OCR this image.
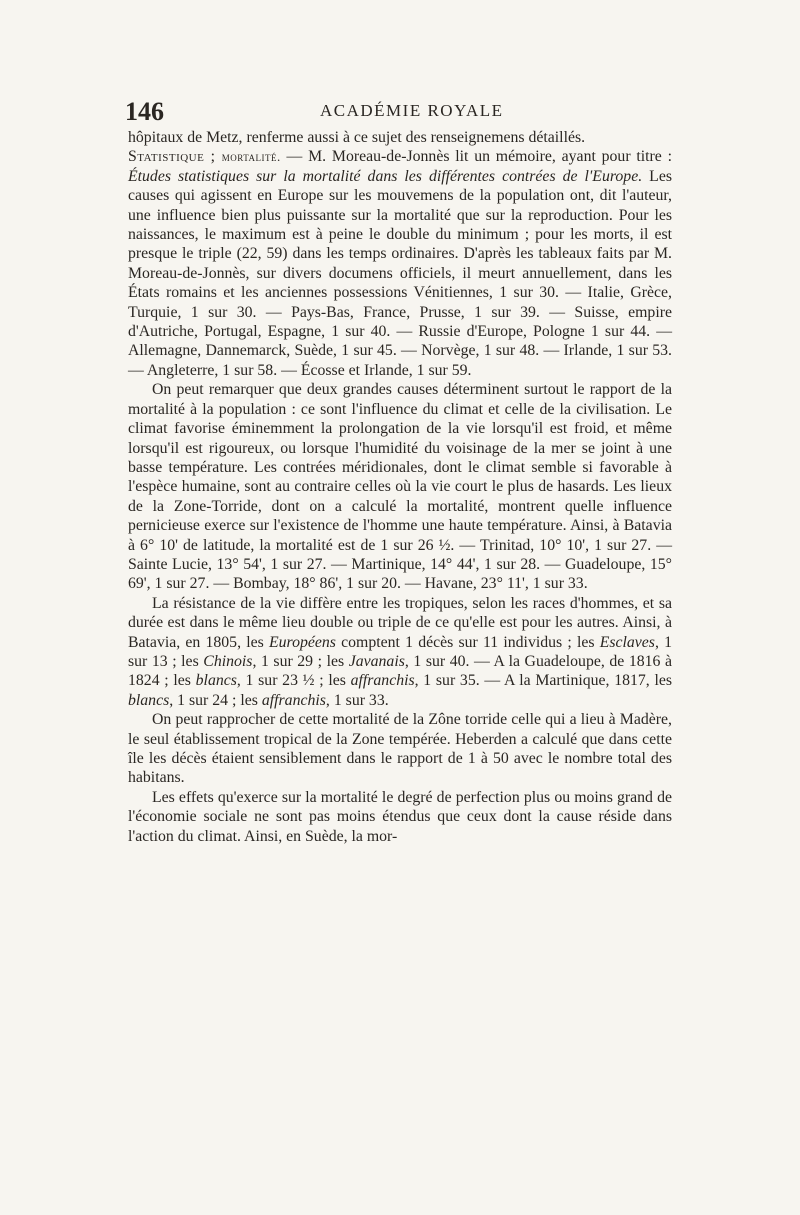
146	ACADÉMIE ROYALE

hôpitaux de Metz, renferme aussi à ce sujet des renseignemens détaillés.

Statistique ; mortalité. — M. Moreau-de-Jonnès lit un mémoire, ayant pour titre : Études statistiques sur la mortalité dans les différentes contrées de l'Europe. Les causes qui agissent en Europe sur les mouvemens de la population ont, dit l'auteur, une influence bien plus puissante sur la mortalité que sur la reproduction. Pour les naissances, le maximum est à peine le double du minimum ; pour les morts, il est presque le triple (22, 59) dans les temps ordinaires. D'après les tableaux faits par M. Moreau-de-Jonnès, sur divers documens officiels, il meurt annuellement, dans les États romains et les anciennes possessions Vénitiennes, 1 sur 30. — Italie, Grèce, Turquie, 1 sur 30. — Pays-Bas, France, Prusse, 1 sur 39. — Suisse, empire d'Autriche, Portugal, Espagne, 1 sur 40. — Russie d'Europe, Pologne 1 sur 44. — Allemagne, Dannemarck, Suède, 1 sur 45. — Norvège, 1 sur 48. — Irlande, 1 sur 53. — Angleterre, 1 sur 58. — Écosse et Irlande, 1 sur 59.

On peut remarquer que deux grandes causes déterminent surtout le rapport de la mortalité à la population : ce sont l'influence du climat et celle de la civilisation. Le climat favorise éminemment la prolongation de la vie lorsqu'il est froid, et même lorsqu'il est rigoureux, ou lorsque l'humidité du voisinage de la mer se joint à une basse température. Les contrées méridionales, dont le climat semble si favorable à l'espèce humaine, sont au contraire celles où la vie court le plus de hasards. Les lieux de la Zone-Torride, dont on a calculé la mortalité, montrent quelle influence pernicieuse exerce sur l'existence de l'homme une haute température. Ainsi, à Batavia à 6° 10' de latitude, la mortalité est de 1 sur 26 ½. — Trinitad, 10° 10', 1 sur 27. — Sainte Lucie, 13° 54', 1 sur 27. — Martinique, 14° 44', 1 sur 28. — Guadeloupe, 15° 69', 1 sur 27. — Bombay, 18° 86', 1 sur 20. — Havane, 23° 11', 1 sur 33.

La résistance de la vie diffère entre les tropiques, selon les races d'hommes, et sa durée est dans le même lieu double ou triple de ce qu'elle est pour les autres. Ainsi, à Batavia, en 1805, les Européens comptent 1 décès sur 11 individus ; les Esclaves, 1 sur 13 ; les Chinois, 1 sur 29 ; les Javanais, 1 sur 40. — A la Guadeloupe, de 1816 à 1824 ; les blancs, 1 sur 23 ½ ; les affranchis, 1 sur 35. — A la Martinique, 1817, les blancs, 1 sur 24 ; les affranchis, 1 sur 33.

On peut rapprocher de cette mortalité de la Zône torride celle qui a lieu à Madère, le seul établissement tropical de la Zone tempérée. Heberden a calculé que dans cette île les décès étaient sensiblement dans le rapport de 1 à 50 avec le nombre total des habitans.

Les effets qu'exerce sur la mortalité le degré de perfection plus ou moins grand de l'économie sociale ne sont pas moins étendus que ceux dont la cause réside dans l'action du climat. Ainsi, en Suède, la mor-
